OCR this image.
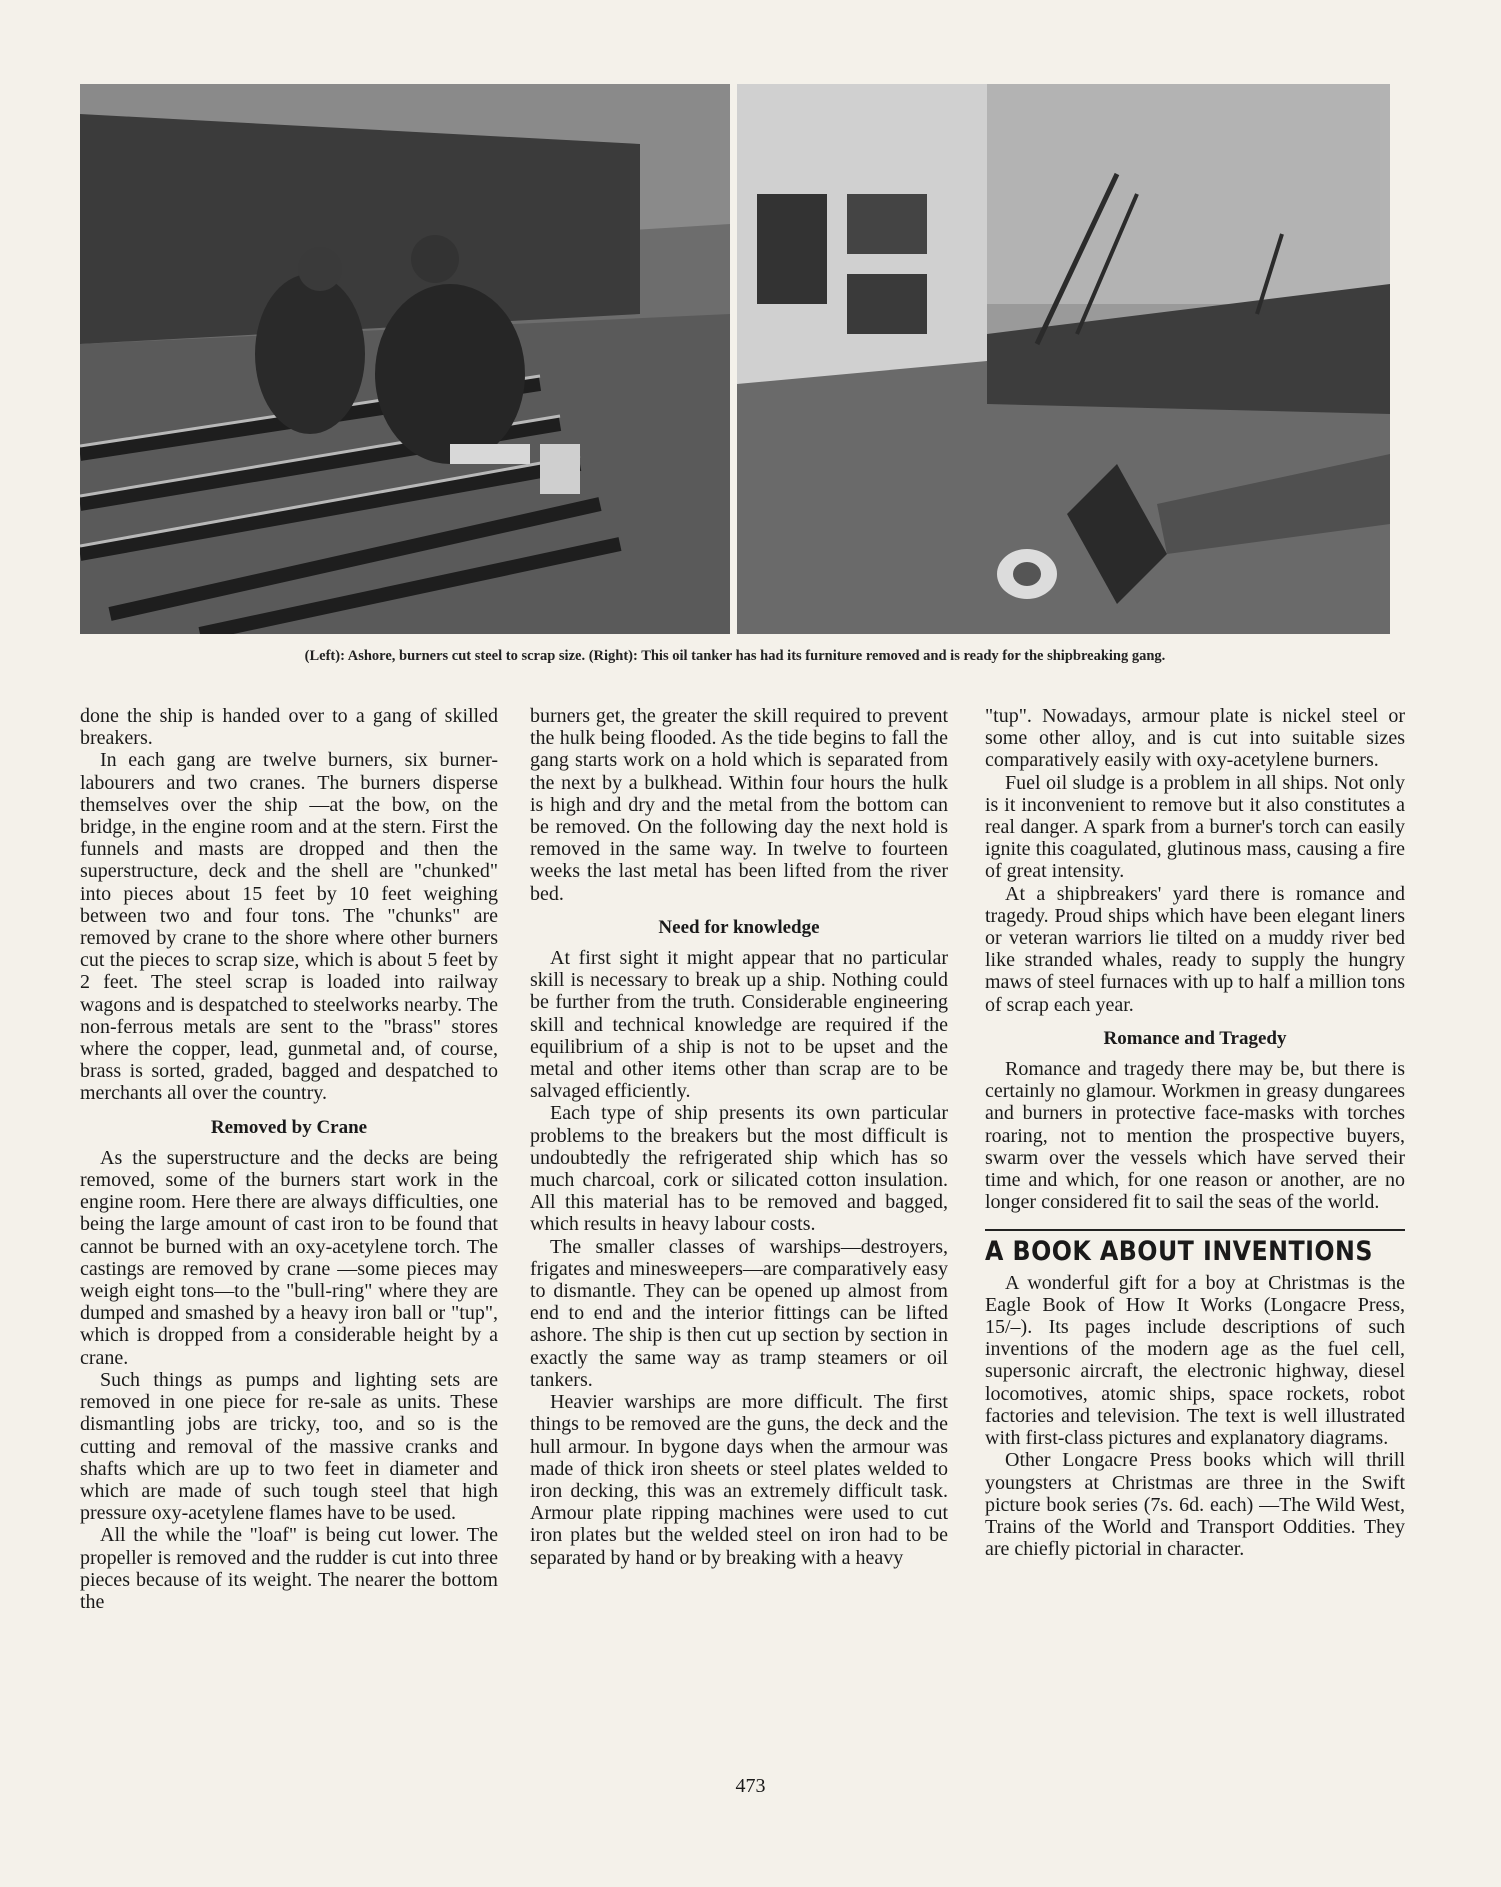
(Left): Ashore, burners cut steel to scrap size. (Right): This oil tanker has had its furniture removed and is ready for the shipbreaking gang.

done the ship is handed over to a gang of skilled breakers.

In each gang are twelve burners, six burner-labourers and two cranes. The burners disperse themselves over the ship —at the bow, on the bridge, in the engine room and at the stern. First the funnels and masts are dropped and then the superstructure, deck and the shell are "chunked" into pieces about 15 feet by 10 feet weighing between two and four tons. The "chunks" are removed by crane to the shore where other burners cut the pieces to scrap size, which is about 5 feet by 2 feet. The steel scrap is loaded into railway wagons and is despatched to steelworks nearby. The non-ferrous metals are sent to the "brass" stores where the copper, lead, gunmetal and, of course, brass is sorted, graded, bagged and despatched to merchants all over the country.

Removed by Crane

As the superstructure and the decks are being removed, some of the burners start work in the engine room. Here there are always difficulties, one being the large amount of cast iron to be found that cannot be burned with an oxy-acetylene torch. The castings are removed by crane —some pieces may weigh eight tons—to the "bull-ring" where they are dumped and smashed by a heavy iron ball or "tup", which is dropped from a considerable height by a crane.

Such things as pumps and lighting sets are removed in one piece for re-sale as units. These dismantling jobs are tricky, too, and so is the cutting and removal of the massive cranks and shafts which are up to two feet in diameter and which are made of such tough steel that high pressure oxy-acetylene flames have to be used.

All the while the "loaf" is being cut lower. The propeller is removed and the rudder is cut into three pieces because of its weight. The nearer the bottom the

burners get, the greater the skill required to prevent the hulk being flooded. As the tide begins to fall the gang starts work on a hold which is separated from the next by a bulkhead. Within four hours the hulk is high and dry and the metal from the bottom can be removed. On the following day the next hold is removed in the same way. In twelve to fourteen weeks the last metal has been lifted from the river bed.

Need for knowledge

At first sight it might appear that no particular skill is necessary to break up a ship. Nothing could be further from the truth. Considerable engineering skill and technical knowledge are required if the equilibrium of a ship is not to be upset and the metal and other items other than scrap are to be salvaged efficiently.

Each type of ship presents its own particular problems to the breakers but the most difficult is undoubtedly the refrigerated ship which has so much charcoal, cork or silicated cotton insulation. All this material has to be removed and bagged, which results in heavy labour costs.

The smaller classes of warships—destroyers, frigates and minesweepers—are comparatively easy to dismantle. They can be opened up almost from end to end and the interior fittings can be lifted ashore. The ship is then cut up section by section in exactly the same way as tramp steamers or oil tankers.

Heavier warships are more difficult. The first things to be removed are the guns, the deck and the hull armour. In bygone days when the armour was made of thick iron sheets or steel plates welded to iron decking, this was an extremely difficult task. Armour plate ripping machines were used to cut iron plates but the welded steel on iron had to be separated by hand or by breaking with a heavy

"tup". Nowadays, armour plate is nickel steel or some other alloy, and is cut into suitable sizes comparatively easily with oxy-acetylene burners.

Fuel oil sludge is a problem in all ships. Not only is it inconvenient to remove but it also constitutes a real danger. A spark from a burner's torch can easily ignite this coagulated, glutinous mass, causing a fire of great intensity.

At a shipbreakers' yard there is romance and tragedy. Proud ships which have been elegant liners or veteran warriors lie tilted on a muddy river bed like stranded whales, ready to supply the hungry maws of steel furnaces with up to half a million tons of scrap each year.

Romance and Tragedy

Romance and tragedy there may be, but there is certainly no glamour. Workmen in greasy dungarees and burners in protective face-masks with torches roaring, not to mention the prospective buyers, swarm over the vessels which have served their time and which, for one reason or another, are no longer considered fit to sail the seas of the world.

A BOOK ABOUT INVENTIONS

A wonderful gift for a boy at Christmas is the Eagle Book of How It Works (Longacre Press, 15/–). Its pages include descriptions of such inventions of the modern age as the fuel cell, supersonic aircraft, the electronic highway, diesel locomotives, atomic ships, space rockets, robot factories and television. The text is well illustrated with first-class pictures and explanatory diagrams.

Other Longacre Press books which will thrill youngsters at Christmas are three in the Swift picture book series (7s. 6d. each) —The Wild West, Trains of the World and Transport Oddities. They are chiefly pictorial in character.

473
